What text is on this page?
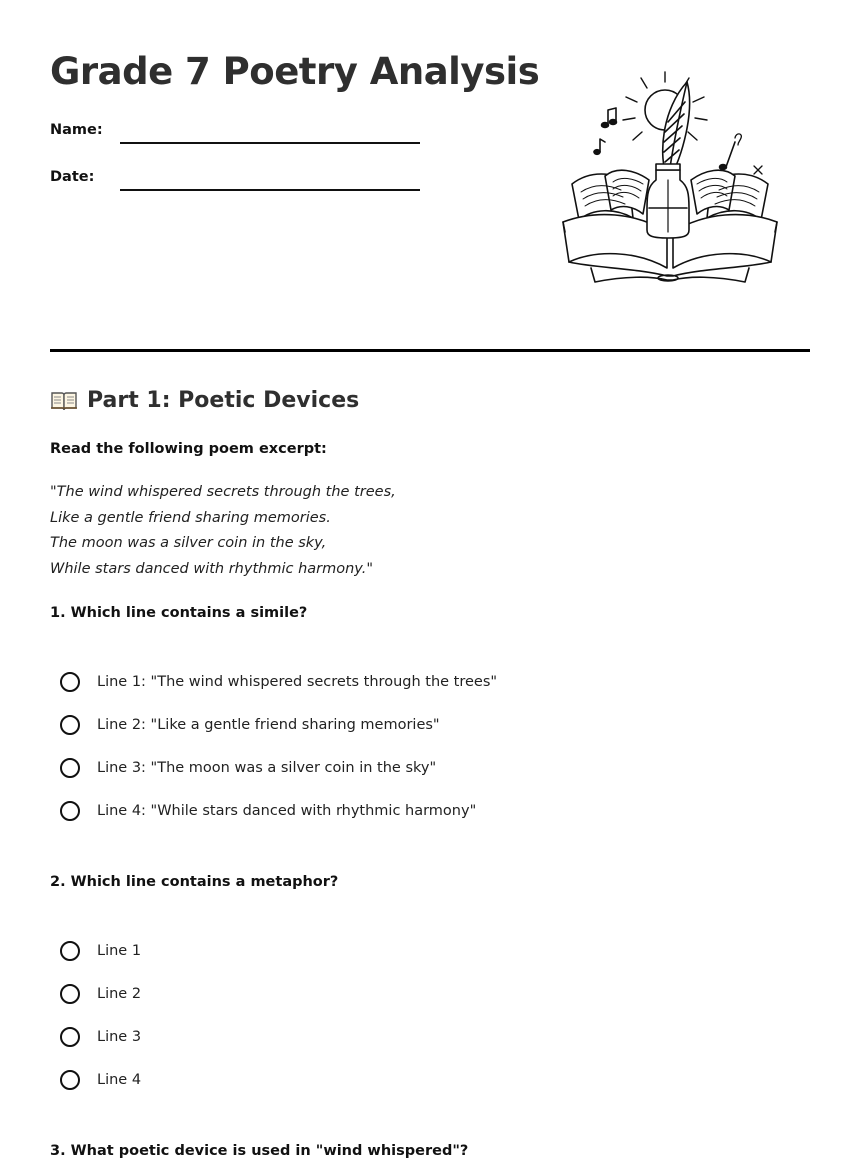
Grade 7 Poetry Analysis
Name:
Date:
Part 1: Poetic Devices
Read the following poem excerpt:
"The wind whispered secrets through the trees,
Like a gentle friend sharing memories.
The moon was a silver coin in the sky,
While stars danced with rhythmic harmony."
1. Which line contains a simile?
Line 1: "The wind whispered secrets through the trees"
Line 2: "Like a gentle friend sharing memories"
Line 3: "The moon was a silver coin in the sky"
Line 4: "While stars danced with rhythmic harmony"
2. Which line contains a metaphor?
Line 1
Line 2
Line 3
Line 4
3. What poetic device is used in "wind whispered"?
